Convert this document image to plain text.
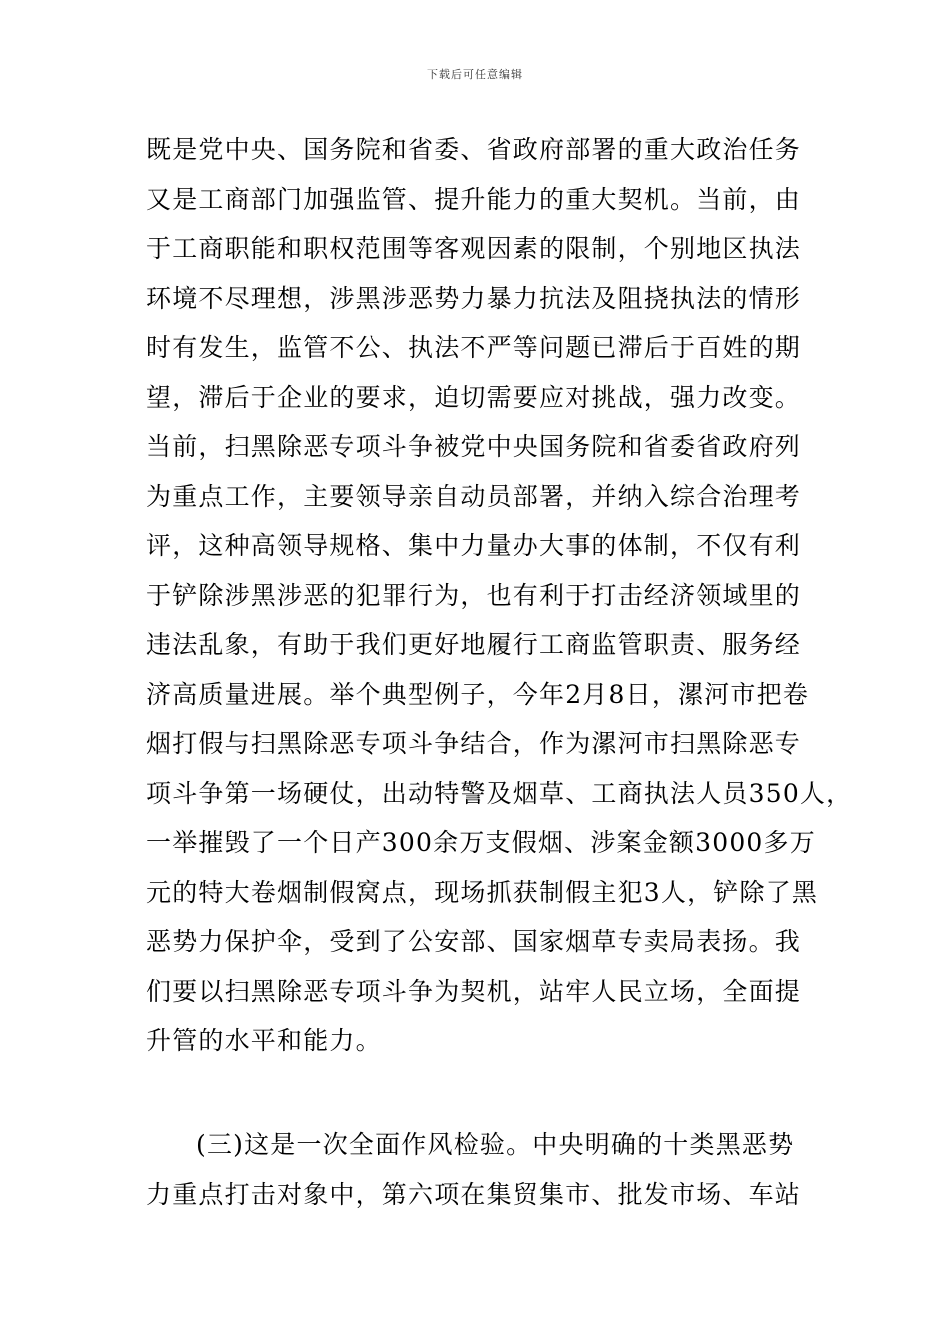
下载后可任意编辑
既是党中央、国务院和省委、省政府部署的重大政治任务
又是工商部门加强监管、提升能力的重大契机。当前，由
于工商职能和职权范围等客观因素的限制，个别地区执法
环境不尽理想，涉黑涉恶势力暴力抗法及阻挠执法的情形
时有发生，监管不公、执法不严等问题已滞后于百姓的期
望，滞后于企业的要求，迫切需要应对挑战，强力改变。
当前，扫黑除恶专项斗争被党中央国务院和省委省政府列
为重点工作，主要领导亲自动员部署，并纳入综合治理考
评，这种高领导规格、集中力量办大事的体制，不仅有利
于铲除涉黑涉恶的犯罪行为，也有利于打击经济领域里的
违法乱象，有助于我们更好地履行工商监管职责、服务经
济高质量进展。举个典型例子，今年2月8日，漯河市把卷
烟打假与扫黑除恶专项斗争结合，作为漯河市扫黑除恶专
项斗争第一场硬仗，出动特警及烟草、工商执法人员350人，
一举摧毁了一个日产300余万支假烟、涉案金额3000多万
元的特大卷烟制假窝点，现场抓获制假主犯3人，铲除了黑
恶势力保护伞，受到了公安部、国家烟草专卖局表扬。我
们要以扫黑除恶专项斗争为契机，站牢人民立场，全面提
升管的水平和能力。
(三)这是一次全面作风检验。中央明确的十类黑恶势
力重点打击对象中，第六项在集贸集市、批发市场、车站
